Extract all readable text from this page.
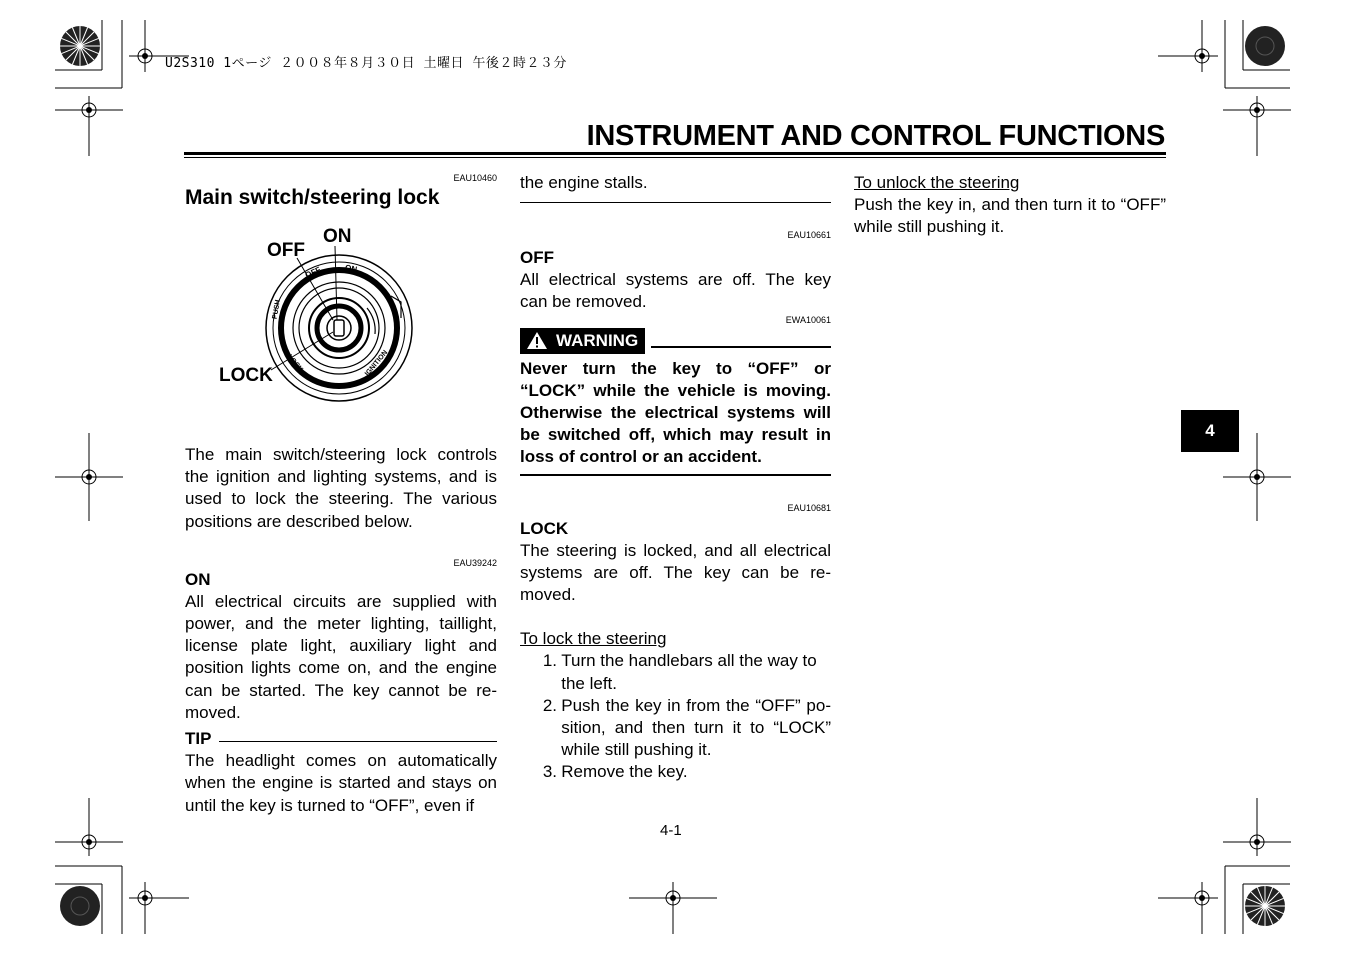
U2S310 1ページ ２００８年８月３０日 土曜日 午後２時２３分
INSTRUMENT AND CONTROL FUNCTIONS
EAU10460
Main switch/steering lock
The main switch/steering lock controls the ignition and lighting systems, and is used to lock the steering. The various positions are described below.
EAU39242
ON
All electrical circuits are supplied with power, and the meter lighting, taillight, license plate light, auxiliary light and position lights come on, and the engine can be started. The key cannot be re-moved.
TIP
The headlight comes on automatically when the engine is started and stays on until the key is turned to “OFF”, even if
OFF
ON
LOCK
OFF	ON
PUSH
LOCK	IGNITION
the engine stalls.
EAU10661
OFF
All electrical systems are off. The key can be removed.
EWA10061
WARNING
Never turn the key to “OFF” or “LOCK” while the vehicle is moving. Otherwise the electrical systems will be switched off, which may result in loss of control or an accident.
EAU10681
LOCK
The steering is locked, and all electrical systems are off. The key can be re-moved.
To lock the steering
1. Turn the handlebars all the way to the left.
2. Push the key in from the “OFF” po-sition, and then turn it to “LOCK” while still pushing it.
3. Remove the key.
To unlock the steering
Push the key in, and then turn it to “OFF” while still pushing it.
4
4-1
